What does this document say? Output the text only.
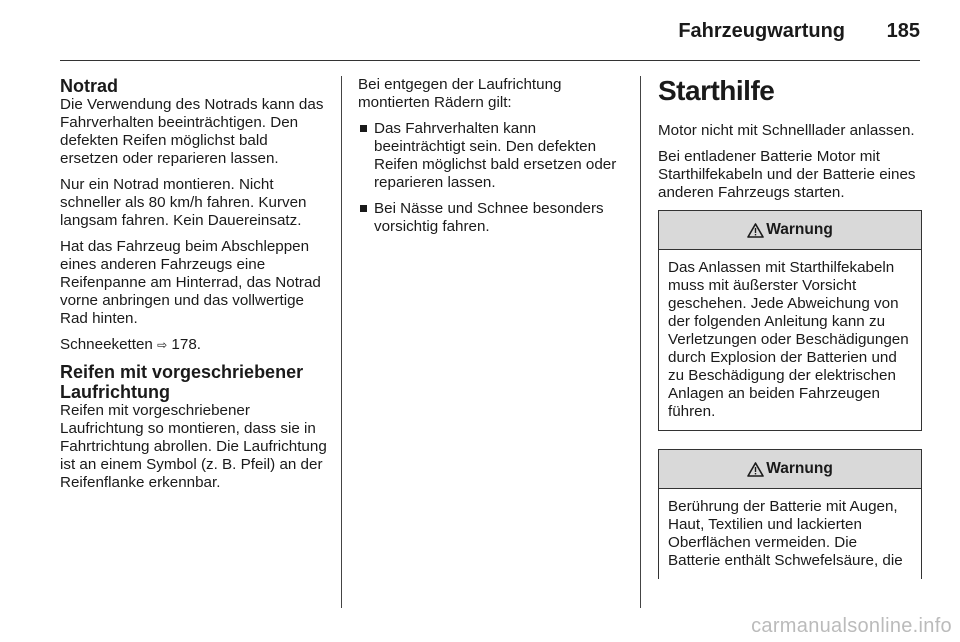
Fahrzeugwartung 185
Notrad

Die Verwendung des Notrads kann das Fahrverhalten beeinträchtigen. Den defekten Reifen möglichst bald ersetzen oder reparieren lassen.

Nur ein Notrad montieren. Nicht schneller als 80 km/h fahren. Kurven langsam fahren. Kein Dauereinsatz.

Hat das Fahrzeug beim Abschleppen eines anderen Fahrzeugs eine Reifenpanne am Hinterrad, das Notrad vorne anbringen und das vollwertige Rad hinten.

Schneeketten ⇨ 178.

Reifen mit vorgeschriebener Laufrichtung

Reifen mit vorgeschriebener Laufrichtung so montieren, dass sie in Fahrtrichtung abrollen. Die Laufrichtung ist an einem Symbol (z. B. Pfeil) an der Reifenflanke erkennbar.

Bei entgegen der Laufrichtung montierten Rädern gilt:

Das Fahrverhalten kann beeinträchtigt sein. Den defekten Reifen möglichst bald ersetzen oder reparieren lassen.
Bei Nässe und Schnee besonders vorsichtig fahren.
Starthilfe

Motor nicht mit Schnelllader anlassen.

Bei entladener Batterie Motor mit Starthilfekabeln und der Batterie eines anderen Fahrzeugs starten.

Warnung
Das Anlassen mit Starthilfekabeln muss mit äußerster Vorsicht geschehen. Jede Abweichung von der folgenden Anleitung kann zu Verletzungen oder Beschädigungen durch Explosion der Batterien und zu Beschädigung der elektrischen Anlagen an beiden Fahrzeugen führen.
Warnung
Berührung der Batterie mit Augen, Haut, Textilien und lackierten Oberflächen vermeiden. Die Batterie enthält Schwefelsäure, die
carmanualsonline.info
